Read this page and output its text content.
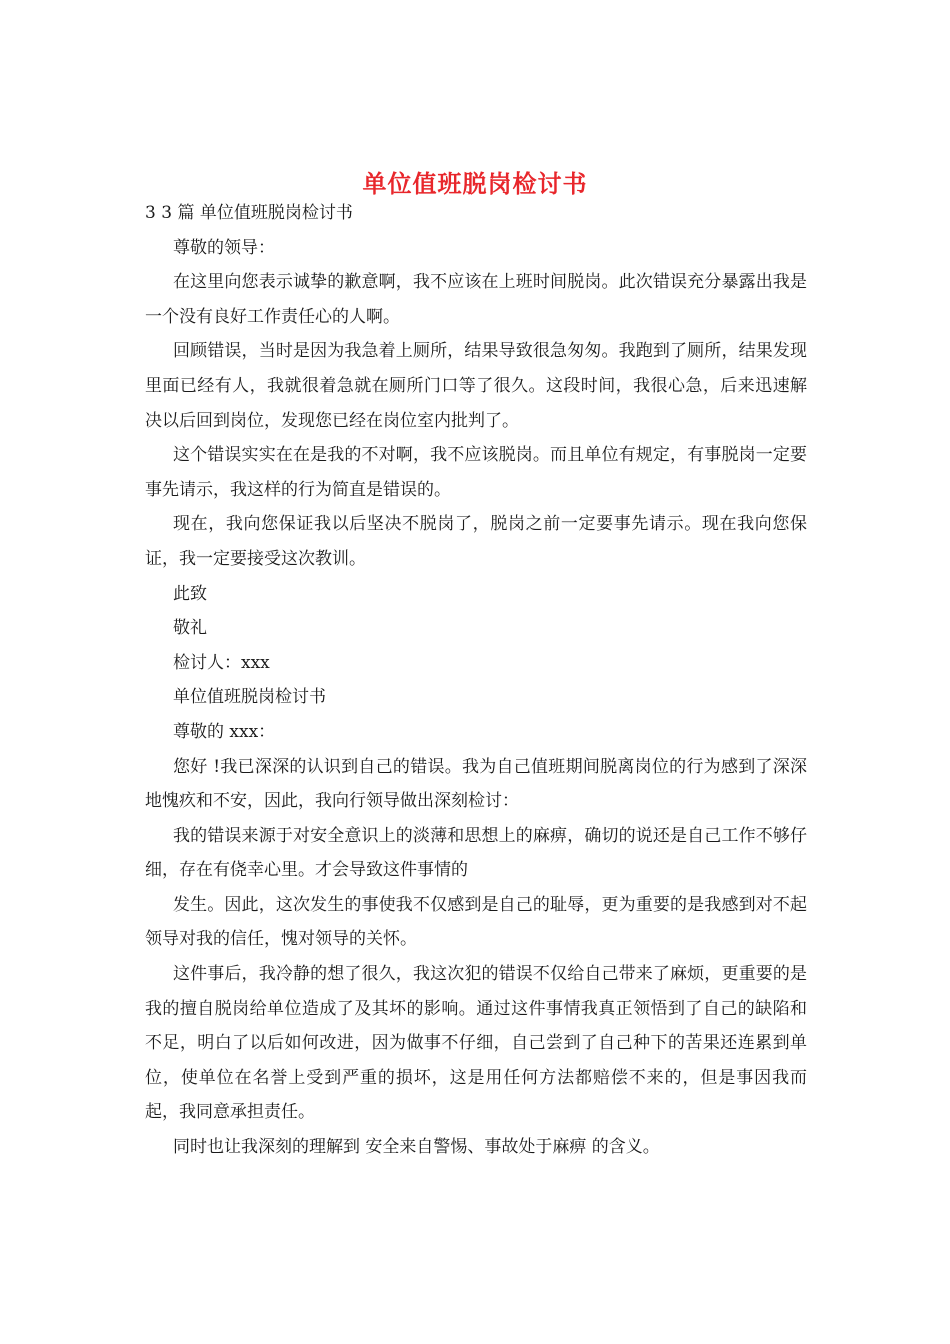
单位值班脱岗检讨书

3 3 篇 单位值班脱岗检讨书

尊敬的领导：

在这里向您表示诚挚的歉意啊，我不应该在上班时间脱岗。此次错误充分暴露出我是一个没有良好工作责任心的人啊。

回顾错误，当时是因为我急着上厕所，结果导致很急匆匆。我跑到了厕所，结果发现里面已经有人，我就很着急就在厕所门口等了很久。这段时间，我很心急，后来迅速解决以后回到岗位，发现您已经在岗位室内批判了。

这个错误实实在在是我的不对啊，我不应该脱岗。而且单位有规定，有事脱岗一定要事先请示，我这样的行为简直是错误的。

现在，我向您保证我以后坚决不脱岗了，脱岗之前一定要事先请示。现在我向您保证，我一定要接受这次教训。

此致

敬礼

检讨人：xxx

单位值班脱岗检讨书

尊敬的 xxx：

您好 !我已深深的认识到自己的错误。我为自己值班期间脱离岗位的行为感到了深深地愧疚和不安，因此，我向行领导做出深刻检讨：

我的错误来源于对安全意识上的淡薄和思想上的麻痹，确切的说还是自己工作不够仔细，存在有侥幸心里。才会导致这件事情的

发生。因此，这次发生的事使我不仅感到是自己的耻辱，更为重要的是我感到对不起领导对我的信任，愧对领导的关怀。

这件事后，我冷静的想了很久，我这次犯的错误不仅给自己带来了麻烦，更重要的是我的擅自脱岗给单位造成了及其坏的影响。通过这件事情我真正领悟到了自己的缺陷和不足，明白了以后如何改进，因为做事不仔细，自己尝到了自己种下的苦果还连累到单位，使单位在名誉上受到严重的损坏，这是用任何方法都赔偿不来的，但是事因我而起，我同意承担责任。

同时也让我深刻的理解到 安全来自警惕、事故处于麻痹 的含义。
